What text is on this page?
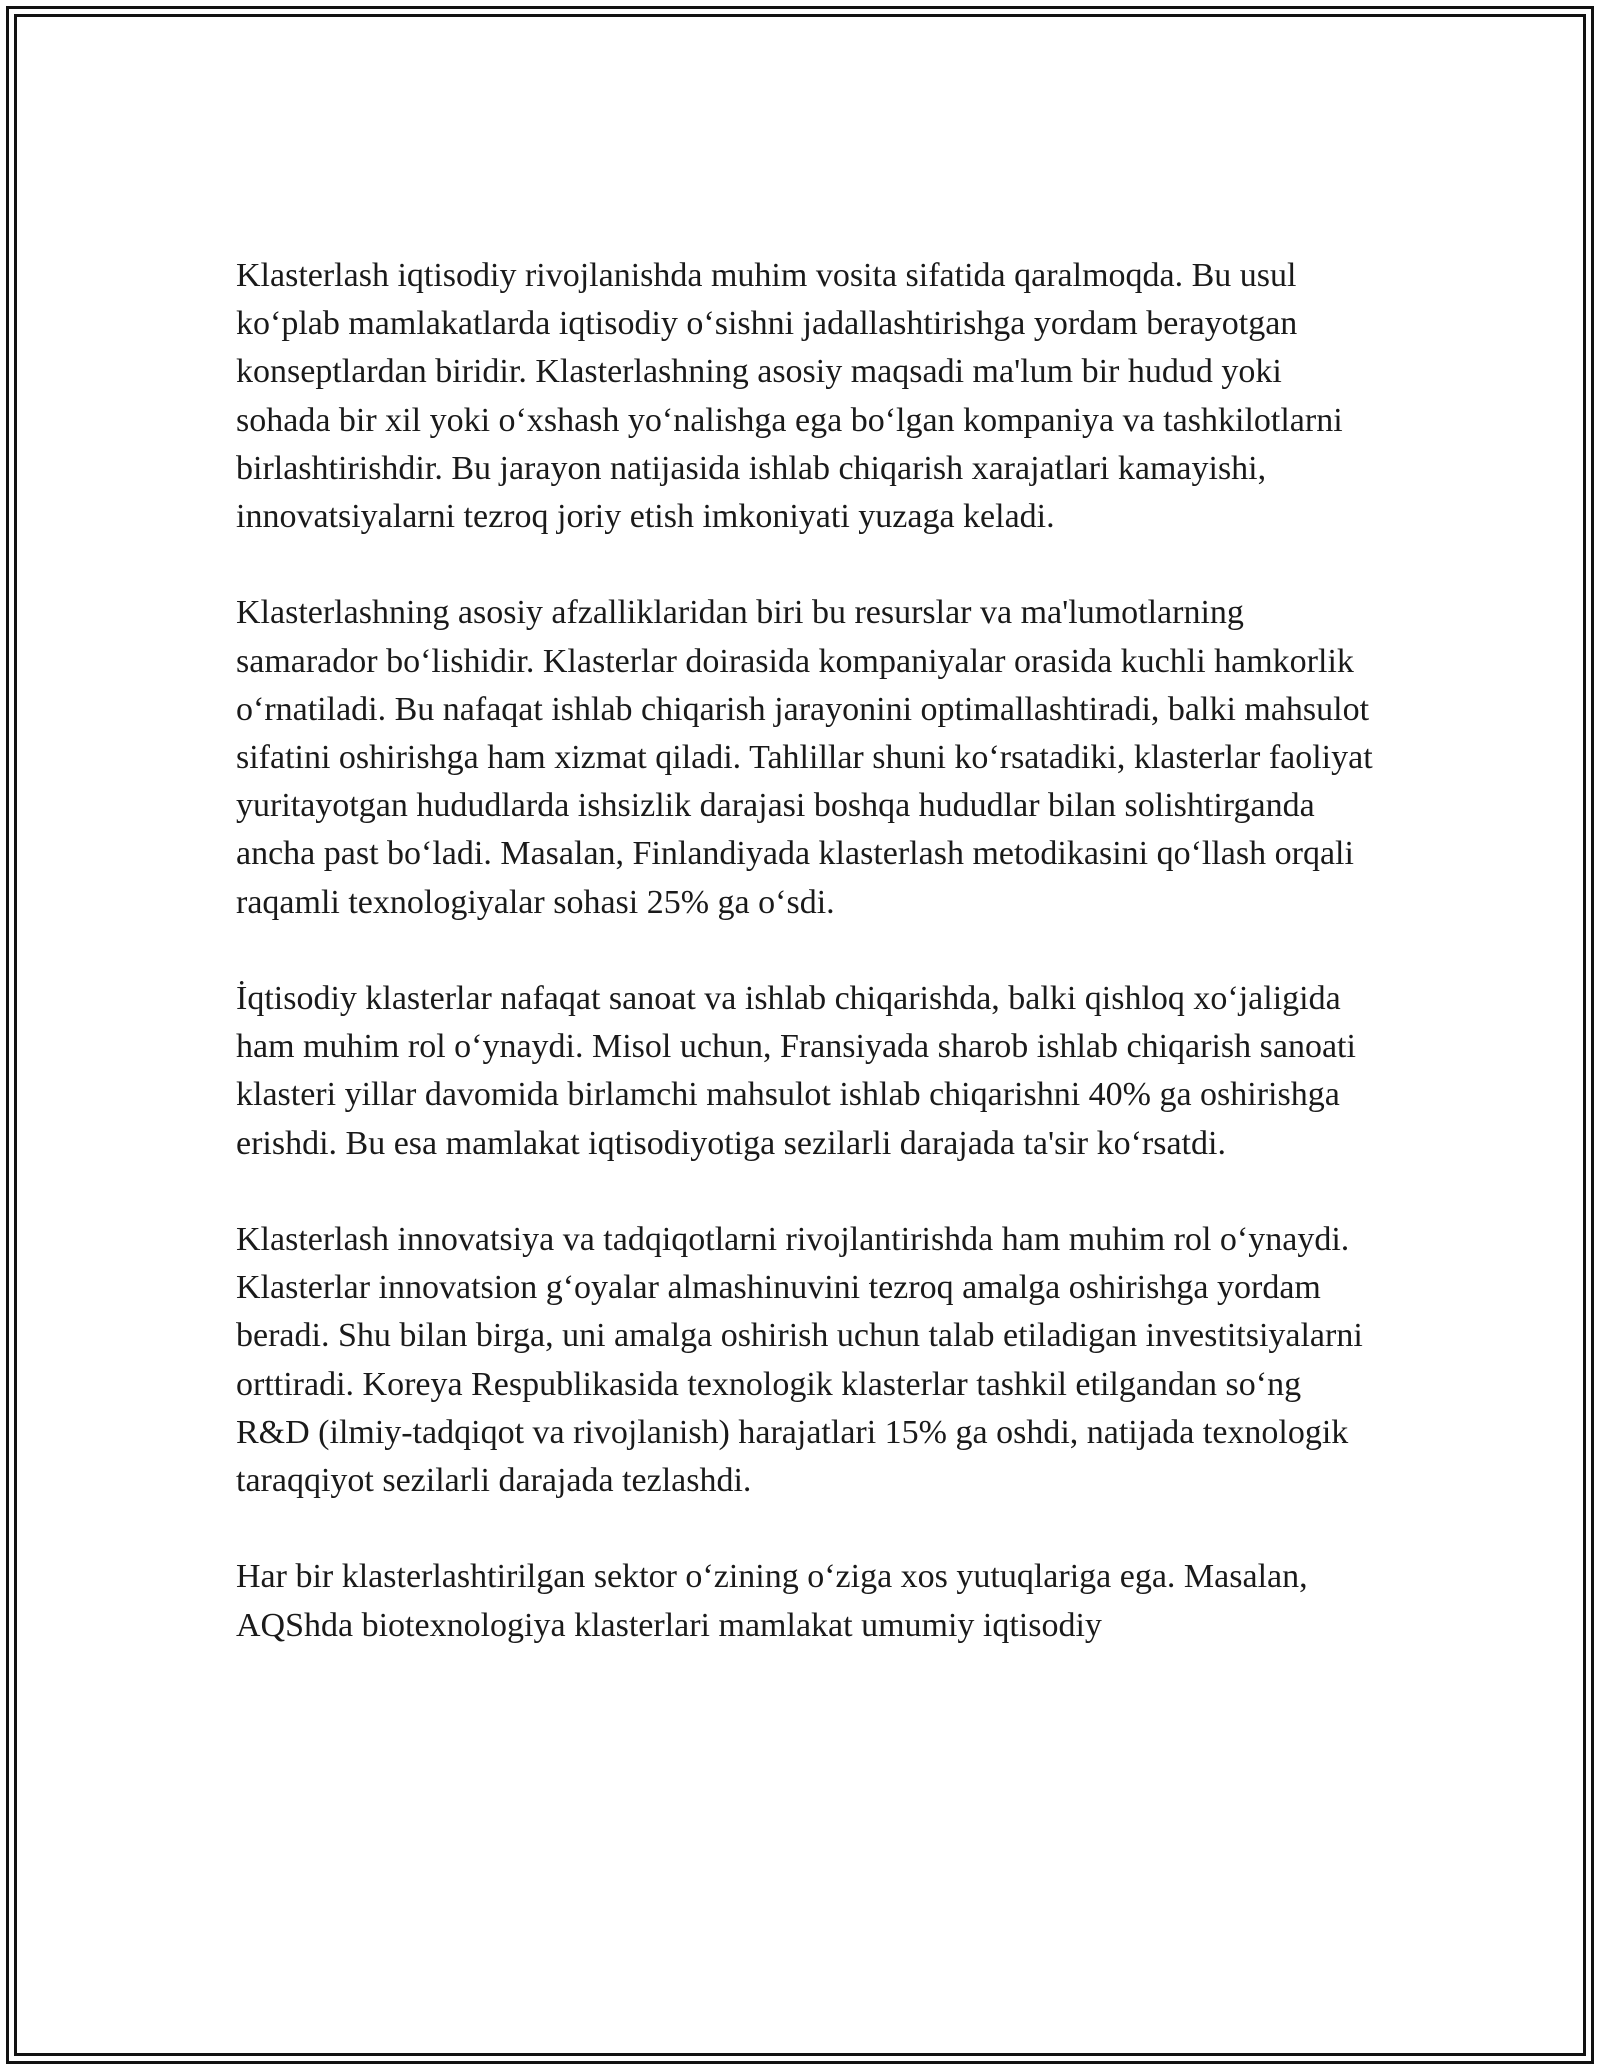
Klasterlash iqtisodiy rivojlanishda muhim vosita sifatida qaralmoqda. Bu usul ko‘plab mamlakatlarda iqtisodiy o‘sishni jadallashtirishga yordam berayotgan konseptlardan biridir. Klasterlashning asosiy maqsadi ma'lum bir hudud yoki sohada bir xil yoki o‘xshash yo‘nalishga ega bo‘lgan kompaniya va tashkilotlarni birlashtirishdir. Bu jarayon natijasida ishlab chiqarish xarajatlari kamayishi, innovatsiyalarni tezroq joriy etish imkoniyati yuzaga keladi.

Klasterlashning asosiy afzalliklaridan biri bu resurslar va ma'lumotlarning samarador bo‘lishidir. Klasterlar doirasida kompaniyalar orasida kuchli hamkorlik o‘rnatiladi. Bu nafaqat ishlab chiqarish jarayonini optimallashtiradi, balki mahsulot sifatini oshirishga ham xizmat qiladi. Tahlillar shuni ko‘rsatadiki, klasterlar faoliyat yuritayotgan hududlarda ishsizlik darajasi boshqa hududlar bilan solishtirganda ancha past bo‘ladi. Masalan, Finlandiyada klasterlash metodikasini qo‘llash orqali raqamli texnologiyalar sohasi 25% ga o‘sdi.

İqtisodiy klasterlar nafaqat sanoat va ishlab chiqarishda, balki qishloq xo‘jaligida ham muhim rol o‘ynaydi. Misol uchun, Fransiyada sharob ishlab chiqarish sanoati klasteri yillar davomida birlamchi mahsulot ishlab chiqarishni 40% ga oshirishga erishdi. Bu esa mamlakat iqtisodiyotiga sezilarli darajada ta'sir ko‘rsatdi.

Klasterlash innovatsiya va tadqiqotlarni rivojlantirishda ham muhim rol o‘ynaydi. Klasterlar innovatsion g‘oyalar almashinuvini tezroq amalga oshirishga yordam beradi. Shu bilan birga, uni amalga oshirish uchun talab etiladigan investitsiyalarni orttiradi. Koreya Respublikasida texnologik klasterlar tashkil etilgandan so‘ng R&D (ilmiy-tadqiqot va rivojlanish) harajatlari 15% ga oshdi, natijada texnologik taraqqiyot sezilarli darajada tezlashdi.

Har bir klasterlashtirilgan sektor o‘zining o‘ziga xos yutuqlariga ega. Masalan, AQShda biotexnologiya klasterlari mamlakat umumiy iqtisodiy
